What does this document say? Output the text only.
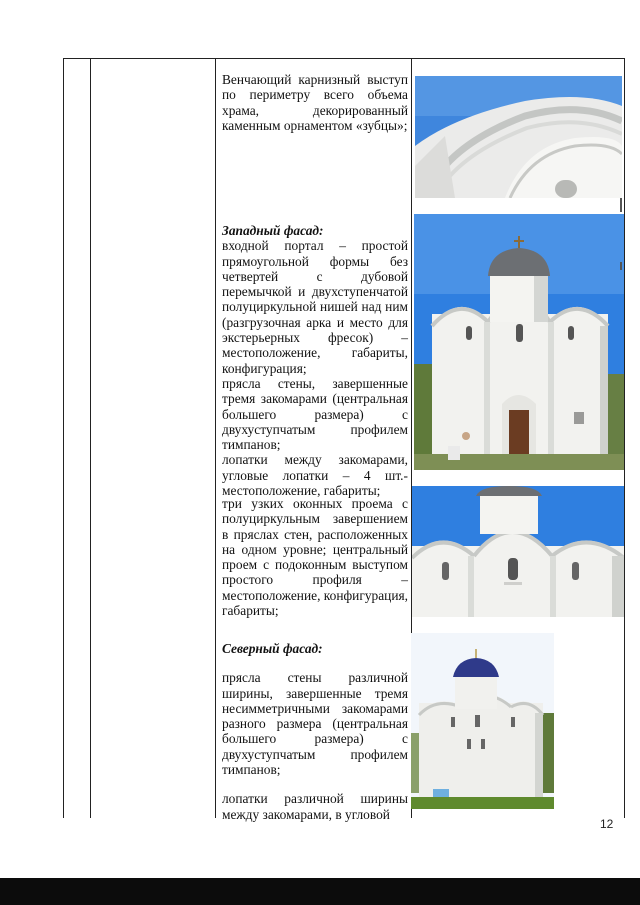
Венчающий карнизный выступ по периметру всего объема храма, декорированный каменным орнаментом «зубцы»;

Западный фасад:

входной портал – простой прямоугольной формы без четвертей с дубовой перемычкой и двухступенчатой полуциркульной нишей над ним (разгрузочная арка и место для экстерьерных фресок) – местоположение, габариты, конфигурация;

прясла стены, завершенные тремя закомарами (центральная большего размера) с двухуступчатым профилем тимпанов;

лопатки между закомарами, угловые лопатки – 4 шт.- местоположение, габариты;

три узких оконных проема с полуциркульным завершением в пряслах стен, расположенных на одном уровне; центральный проем с подоконным выступом простого профиля – местоположение, конфигурация, габариты;

Северный фасад:

прясла стены различной ширины, завершенные тремя несимметричными закомарами разного размера (центральная большего размера) с двухуступчатым профилем тимпанов;

лопатки различной ширины между закомарами, в угловой

12
